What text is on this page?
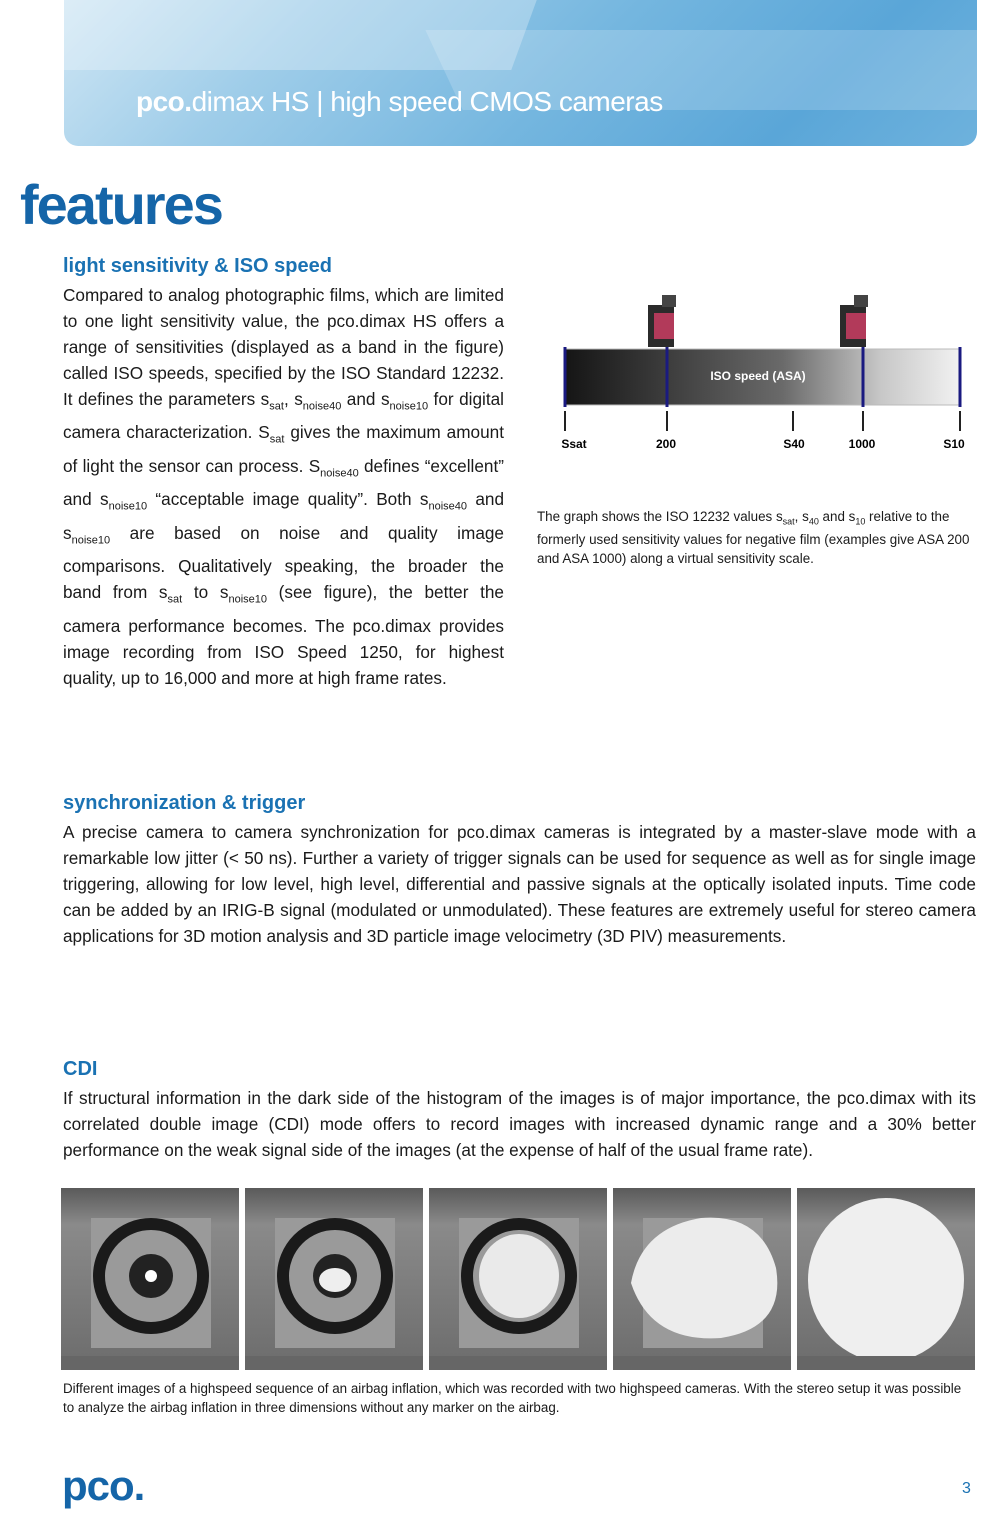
pco.dimax HS | high speed CMOS cameras
features
light sensitivity & ISO speed

Compared to analog photographic films, which are limited to one light sensitivity value, the pco.dimax HS offers a range of sensitivities (displayed as a band in the figure) called ISO speeds, specified by the ISO Standard 12232. It defines the parameters $s_{sat}$, $s_{noise40}$ and $s_{noise10}$ for digital camera characterization. $S_{sat}$ gives the maximum amount of light the sensor can process. $S_{noise40}$ defines “excellent” and $s_{noise10}$ “acceptable image quality”. Both $s_{noise40}$ and $s_{noise10}$ are based on noise and quality image comparisons. Qualitatively speaking, the broader the band from $s_{sat}$ to $s_{noise10}$ (see figure), the better the camera performance becomes. The pco.dimax provides image recording from ISO Speed 1250, for highest quality, up to 16,000 and more at high frame rates.

ISO speed (ASA)
Ssat	200	S40	1000	S10

The graph shows the ISO 12232 values $s_{sat}$, $s_{40}$ and $s_{10}$ relative to the formerly used sensitivity values for negative film (examples give ASA 200 and ASA 1000) along a virtual sensitivity scale.

synchronization & trigger

A precise camera to camera synchronization for pco.dimax cameras is integrated by a master-slave mode with a remarkable low jitter (< 50 ns). Further a variety of trigger signals can be used for sequence as well as for single image triggering, allowing for low level, high level, differential and passive signals at the optically isolated inputs. Time code can be added by an IRIG-B signal (modulated or unmodulated). These features are extremely useful for stereo camera applications for 3D motion analysis and 3D particle image velocimetry (3D PIV) measurements.

CDI

If structural information in the dark side of the histogram of the images is of major importance, the pco.dimax with its correlated double image (CDI) mode offers to record images with increased dynamic range and a 30% better performance on the weak signal side of the images (at the expense of half of the usual frame rate).

Different images of a highspeed sequence of an airbag inflation, which was recorded with two highspeed cameras. With the stereo setup it was possible to analyze the airbag inflation in three dimensions without any marker on the airbag.

pco.	3
